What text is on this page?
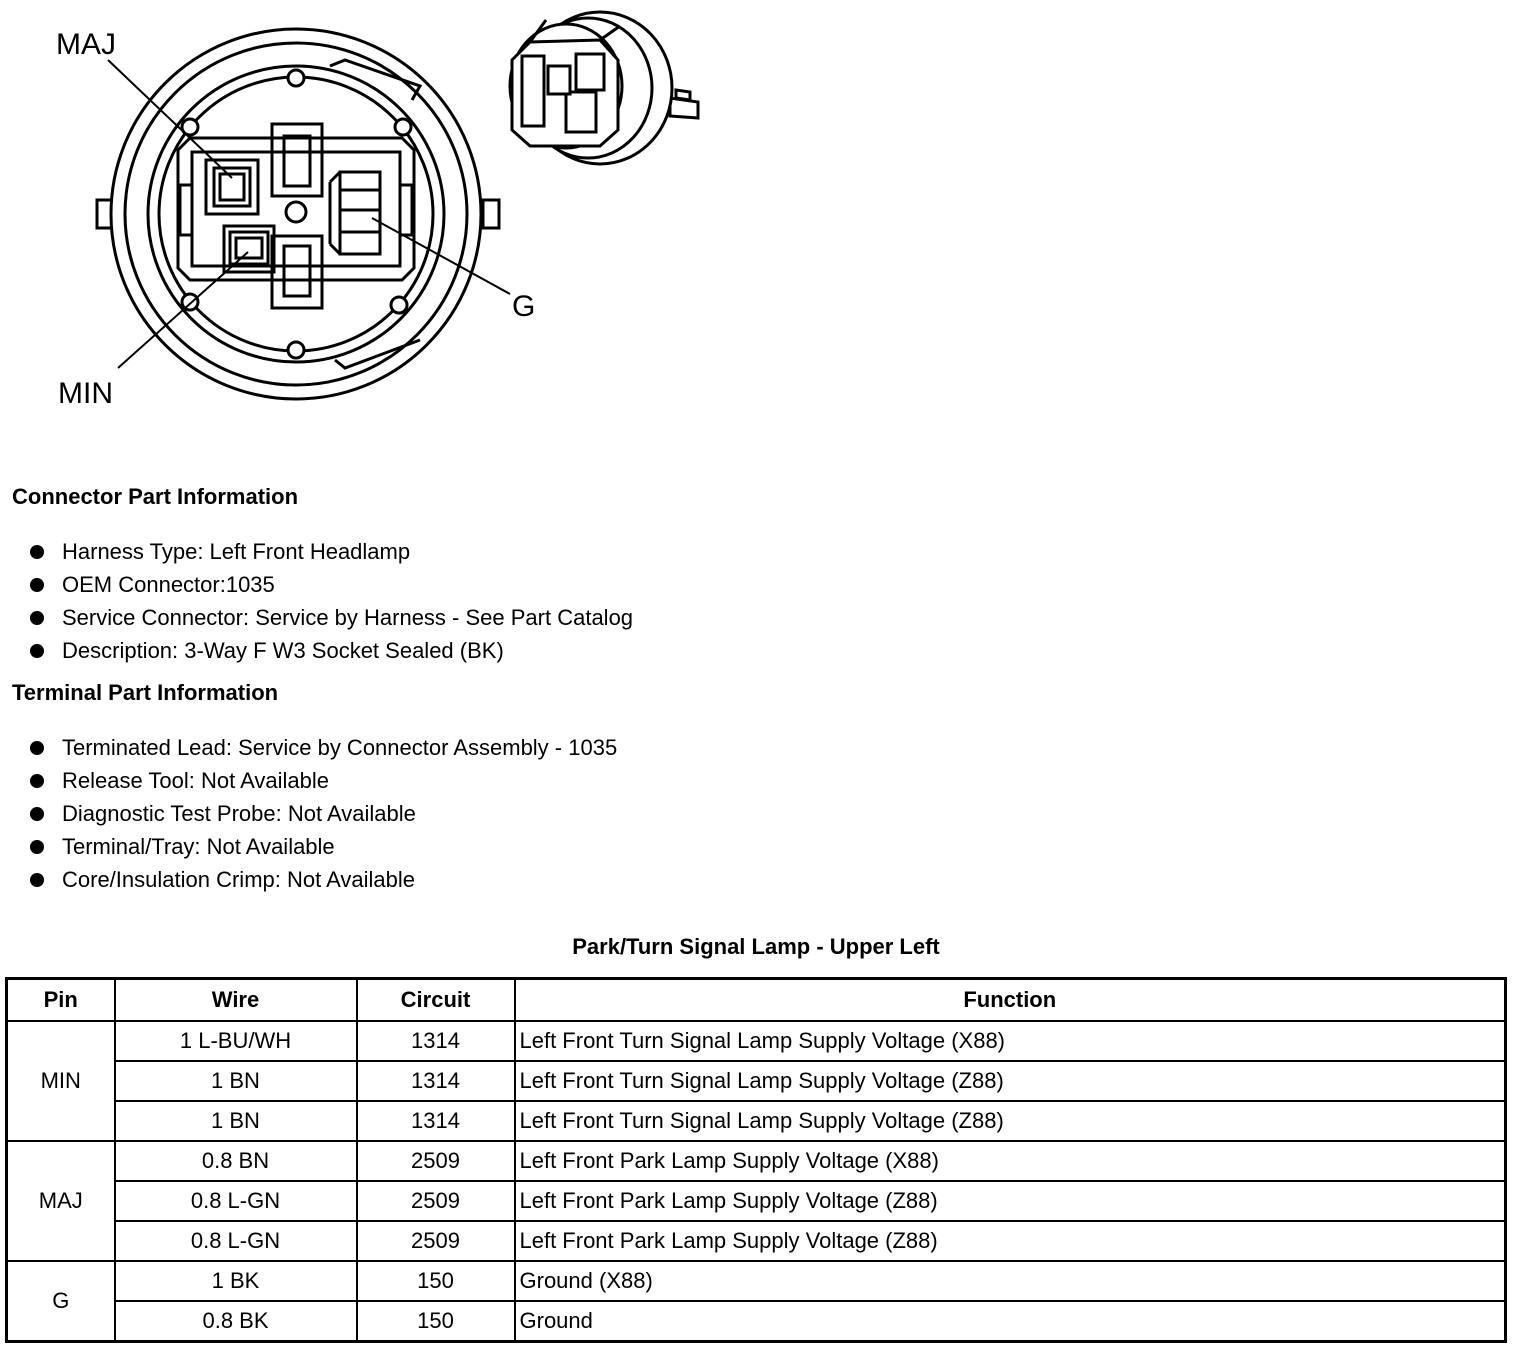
MAJ
MIN
G
Connector Part Information
Harness Type: Left Front Headlamp
OEM Connector:1035
Service Connector: Service by Harness - See Part Catalog
Description: 3-Way F W3 Socket Sealed (BK)
Terminal Part Information
Terminated Lead: Service by Connector Assembly - 1035
Release Tool: Not Available
Diagnostic Test Probe: Not Available
Terminal/Tray: Not Available
Core/Insulation Crimp: Not Available
Park/Turn Signal Lamp - Upper Left
Pin	Wire	Circuit	Function
MIN	1 L-BU/WH	1314	Left Front Turn Signal Lamp Supply Voltage (X88)
	1 BN	1314	Left Front Turn Signal Lamp Supply Voltage (Z88)
	1 BN	1314	Left Front Turn Signal Lamp Supply Voltage (Z88)
MAJ	0.8 BN	2509	Left Front Park Lamp Supply Voltage (X88)
	0.8 L-GN	2509	Left Front Park Lamp Supply Voltage (Z88)
	0.8 L-GN	2509	Left Front Park Lamp Supply Voltage (Z88)
G	1 BK	150	Ground (X88)
	0.8 BK	150	Ground
